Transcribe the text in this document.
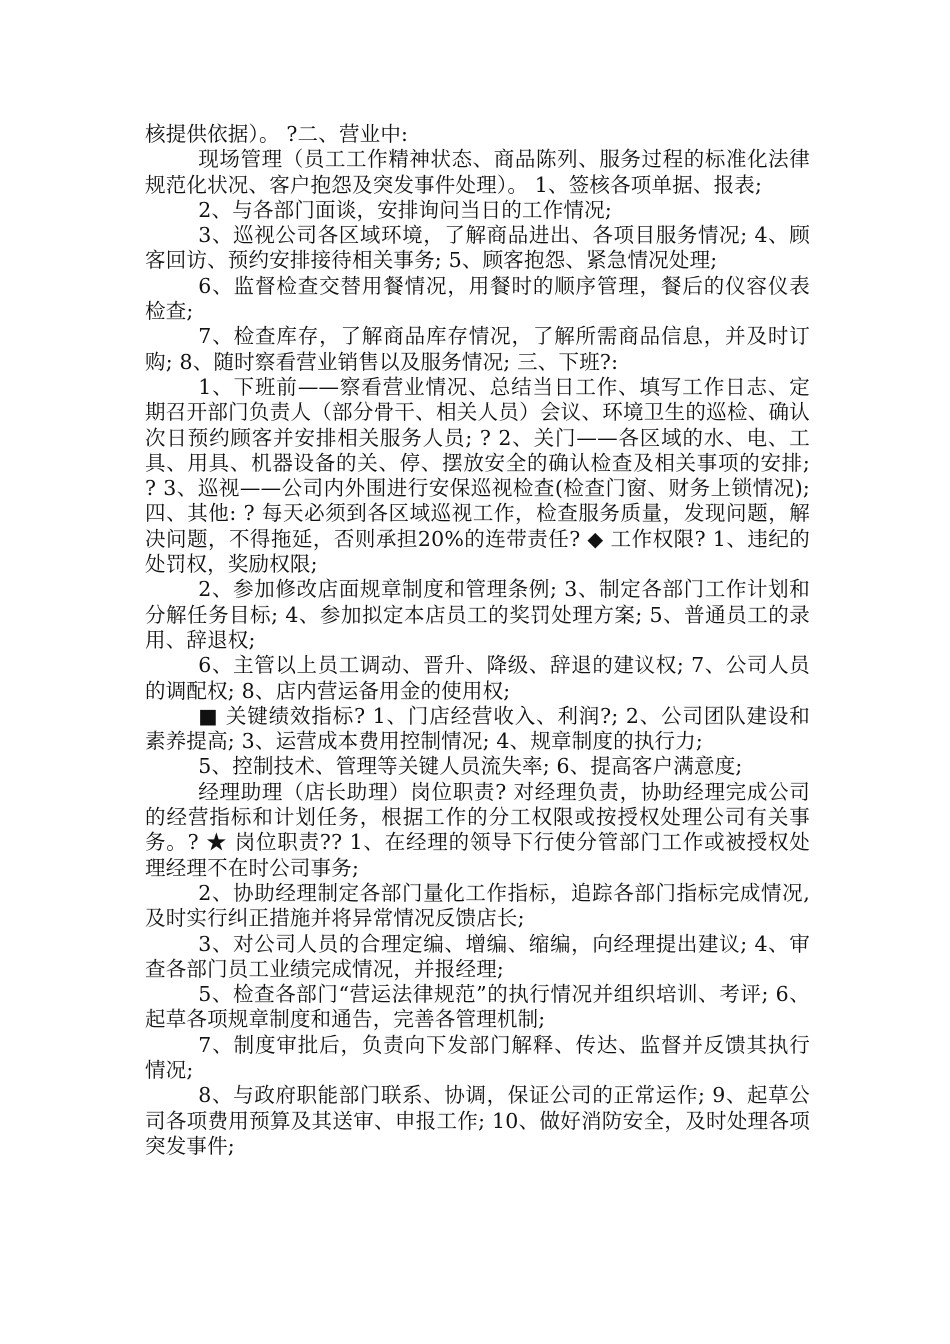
核提供依据）。 ?二、营业中:

现场管理（员工工作精神状态、商品陈列、服务过程的标准化法律规范化状况、客户抱怨及突发事件处理）。 1、签核各项单据、报表;

2、与各部门面谈，安排询问当日的工作情况;

3、巡视公司各区域环境，了解商品进出、各项目服务情况; 4、顾客回访、预约安排接待相关事务; 5、顾客抱怨、紧急情况处理;

6、监督检查交替用餐情况，用餐时的顺序管理，餐后的仪容仪表检查;

7、检查库存，了解商品库存情况，了解所需商品信息，并及时订购; 8、随时察看营业销售以及服务情况; 三、下班?:

1、下班前——察看营业情况、总结当日工作、填写工作日志、定期召开部门负责人（部分骨干、相关人员）会议、环境卫生的巡检、确认次日预约顾客并安排相关服务人员; ? 2、关门——各区域的水、电、工具、用具、机器设备的关、停、摆放安全的确认检查及相关事项的安排; ? 3、巡视——公司内外围进行安保巡视检查(检查门窗、财务上锁情况); 四、其他: ? 每天必须到各区域巡视工作，检查服务质量，发现问题，解决问题，不得拖延，否则承担20%的连带责任? ◆ 工作权限? 1、违纪的处罚权，奖励权限;

2、参加修改店面规章制度和管理条例; 3、制定各部门工作计划和分解任务目标; 4、参加拟定本店员工的奖罚处理方案; 5、普通员工的录用、辞退权;

6、主管以上员工调动、晋升、降级、辞退的建议权; 7、公司人员的调配权; 8、店内营运备用金的使用权;

■ 关键绩效指标? 1、门店经营收入、利润?; 2、公司团队建设和素养提高; 3、运营成本费用控制情况; 4、规章制度的执行力;

5、控制技术、管理等关键人员流失率; 6、提高客户满意度;

经理助理（店长助理）岗位职责? 对经理负责，协助经理完成公司的经营指标和计划任务，根据工作的分工权限或按授权处理公司有关事务。? ★ 岗位职责?? 1、在经理的领导下行使分管部门工作或被授权处理经理不在时公司事务;

2、协助经理制定各部门量化工作指标，追踪各部门指标完成情况,及时实行纠正措施并将异常情况反馈店长;

3、对公司人员的合理定编、增编、缩编，向经理提出建议; 4、审查各部门员工业绩完成情况，并报经理;

5、检查各部门“营运法律规范”的执行情况并组织培训、考评; 6、起草各项规章制度和通告，完善各管理机制;

7、制度审批后，负责向下发部门解释、传达、监督并反馈其执行情况;

8、与政府职能部门联系、协调，保证公司的正常运作; 9、起草公司各项费用预算及其送审、申报工作; 10、做好消防安全，及时处理各项突发事件;
